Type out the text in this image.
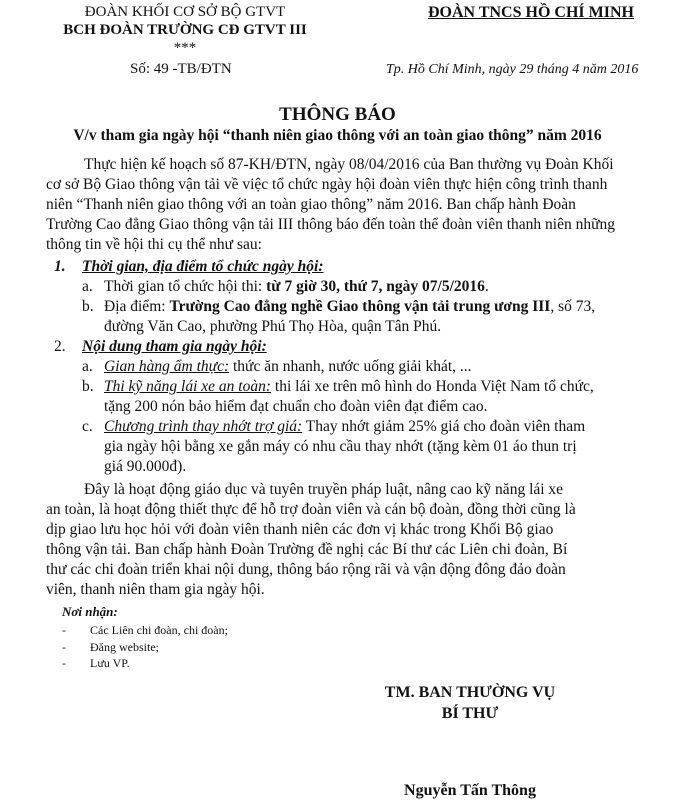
ĐOÀN KHỐI CƠ SỞ BỘ GTVT
BCH ĐOÀN TRƯỜNG CĐ GTVT III
***
Số: 49 -TB/ĐTN
ĐOÀN TNCS HỒ CHÍ MINH
Tp. Hồ Chí Minh, ngày 29 tháng 4 năm 2016
THÔNG BÁO
V/v tham gia ngày hội “thanh niên giao thông với an toàn giao thông” năm 2016
Thực hiện kế hoạch số 87-KH/ĐTN, ngày 08/04/2016 của Ban thường vụ Đoàn Khối
cơ sở Bộ Giao thông vận tải về việc tổ chức ngày hội đoàn viên thực hiện công trình thanh
niên “Thanh niên giao thông với an toàn giao thông” năm 2016. Ban chấp hành Đoàn
Trường Cao đẳng Giao thông vận tải III thông báo đến toàn thể đoàn viên thanh niên những
thông tin về hội thi cụ thể như sau:
1. Thời gian, địa điểm tổ chức ngày hội:
a. Thời gian tổ chức hội thi: từ 7 giờ 30, thứ 7, ngày 07/5/2016.
b. Địa điểm: Trường Cao đẳng nghề Giao thông vận tải trung ương III, số 73,
đường Văn Cao, phường Phú Thọ Hòa, quận Tân Phú.
2. Nội dung tham gia ngày hội:
a. Gian hàng ẩm thực: thức ăn nhanh, nước uống giải khát, ...
b. Thi kỹ năng lái xe an toàn: thi lái xe trên mô hình do Honda Việt Nam tổ chức,
tặng 200 nón bảo hiểm đạt chuẩn cho đoàn viên đạt điểm cao.
c. Chương trình thay nhớt trợ giá: Thay nhớt giảm 25% giá cho đoàn viên tham
gia ngày hội bằng xe gắn máy có nhu cầu thay nhớt (tặng kèm 01 áo thun trị
giá 90.000đ).
Đây là hoạt động giáo dục và tuyên truyền pháp luật, nâng cao kỹ năng lái xe
an toàn, là hoạt động thiết thực để hỗ trợ đoàn viên và cán bộ đoàn, đồng thời cũng là
dịp giao lưu học hỏi với đoàn viên thanh niên các đơn vị khác trong Khối Bộ giao
thông vận tải. Ban chấp hành Đoàn Trường đề nghị các Bí thư các Liên chi đoàn, Bí
thư các chi đoàn triển khai nội dung, thông báo rộng rãi và vận động đông đảo đoàn
viên, thanh niên tham gia ngày hội.
Nơi nhận:
- Các Liên chi đoàn, chi đoàn;
- Đăng website;
- Lưu VP.
TM. BAN THƯỜNG VỤ
BÍ THƯ
Nguyễn Tấn Thông
